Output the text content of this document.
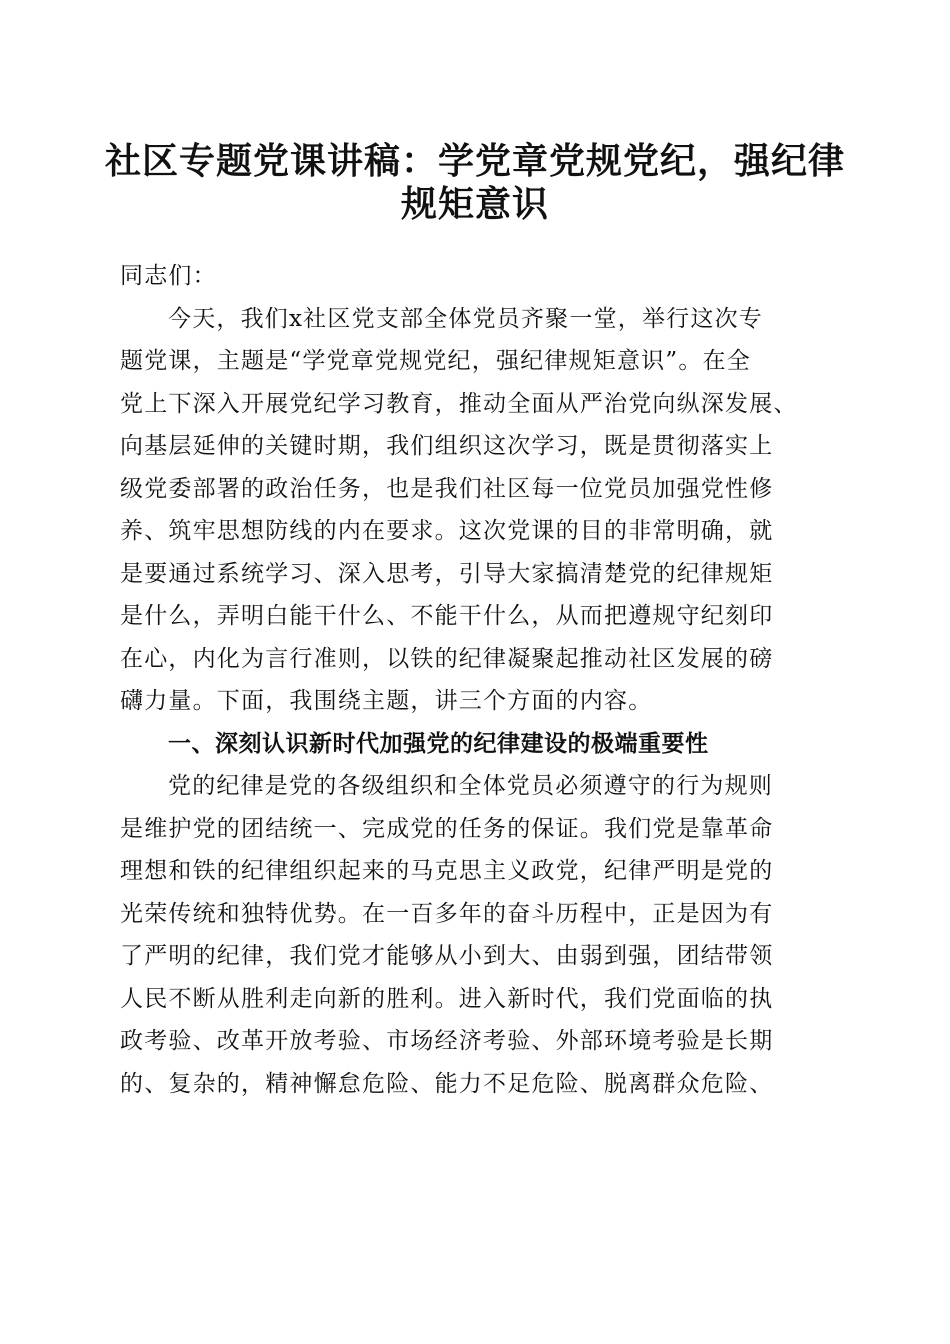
社区专题党课讲稿：学党章党规党纪，强纪律
规矩意识
同志们：
今天，我们x社区党支部全体党员齐聚一堂，举行这次专
题党课，主题是“学党章党规党纪，强纪律规矩意识”。在全
党上下深入开展党纪学习教育，推动全面从严治党向纵深发展、
向基层延伸的关键时期，我们组织这次学习，既是贯彻落实上
级党委部署的政治任务，也是我们社区每一位党员加强党性修
养、筑牢思想防线的内在要求。这次党课的目的非常明确，就
是要通过系统学习、深入思考，引导大家搞清楚党的纪律规矩
是什么，弄明白能干什么、不能干什么，从而把遵规守纪刻印
在心，内化为言行准则，以铁的纪律凝聚起推动社区发展的磅
礴力量。下面，我围绕主题，讲三个方面的内容。
一、深刻认识新时代加强党的纪律建设的极端重要性
党的纪律是党的各级组织和全体党员必须遵守的行为规则
是维护党的团结统一、完成党的任务的保证。我们党是靠革命
理想和铁的纪律组织起来的马克思主义政党，纪律严明是党的
光荣传统和独特优势。在一百多年的奋斗历程中，正是因为有
了严明的纪律，我们党才能够从小到大、由弱到强，团结带领
人民不断从胜利走向新的胜利。进入新时代，我们党面临的执
政考验、改革开放考验、市场经济考验、外部环境考验是长期
的、复杂的，精神懈怠危险、能力不足危险、脱离群众危险、
